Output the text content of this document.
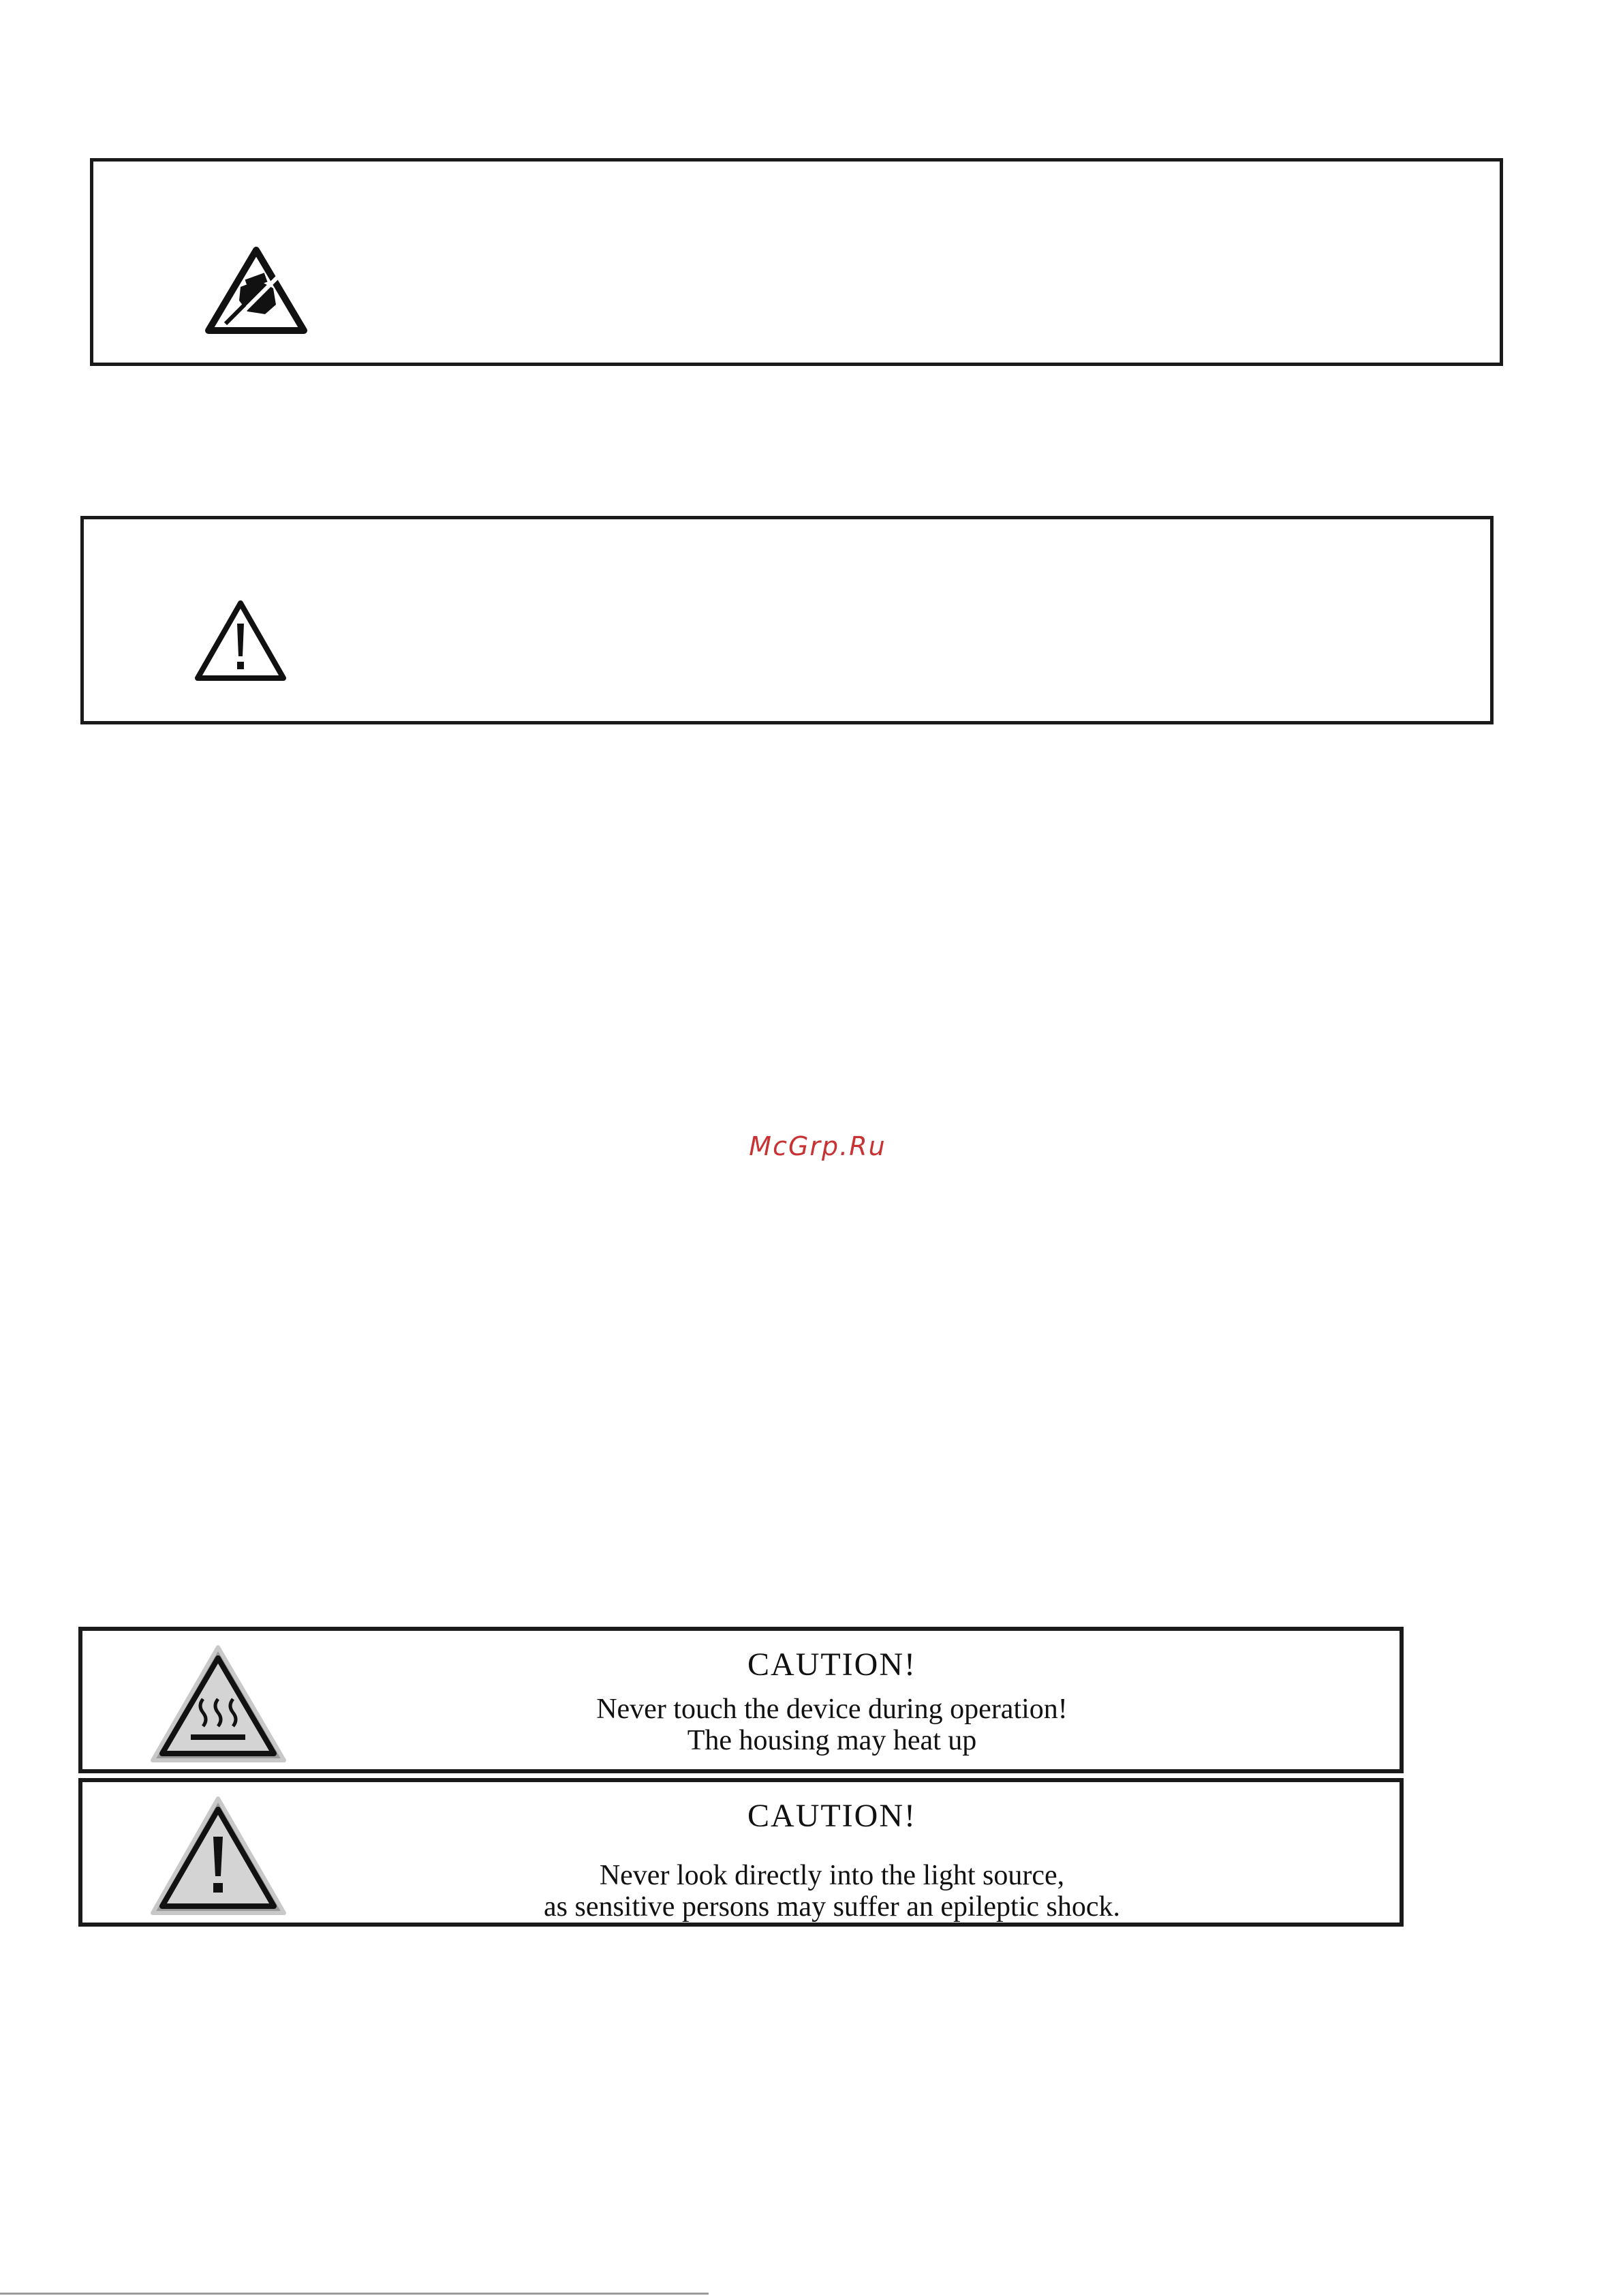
McGrp.Ru
CAUTION!
Never touch the device during operation!
The housing may heat up
CAUTION!
Never look directly into the light source,
as sensitive persons may suffer an epileptic shock.
